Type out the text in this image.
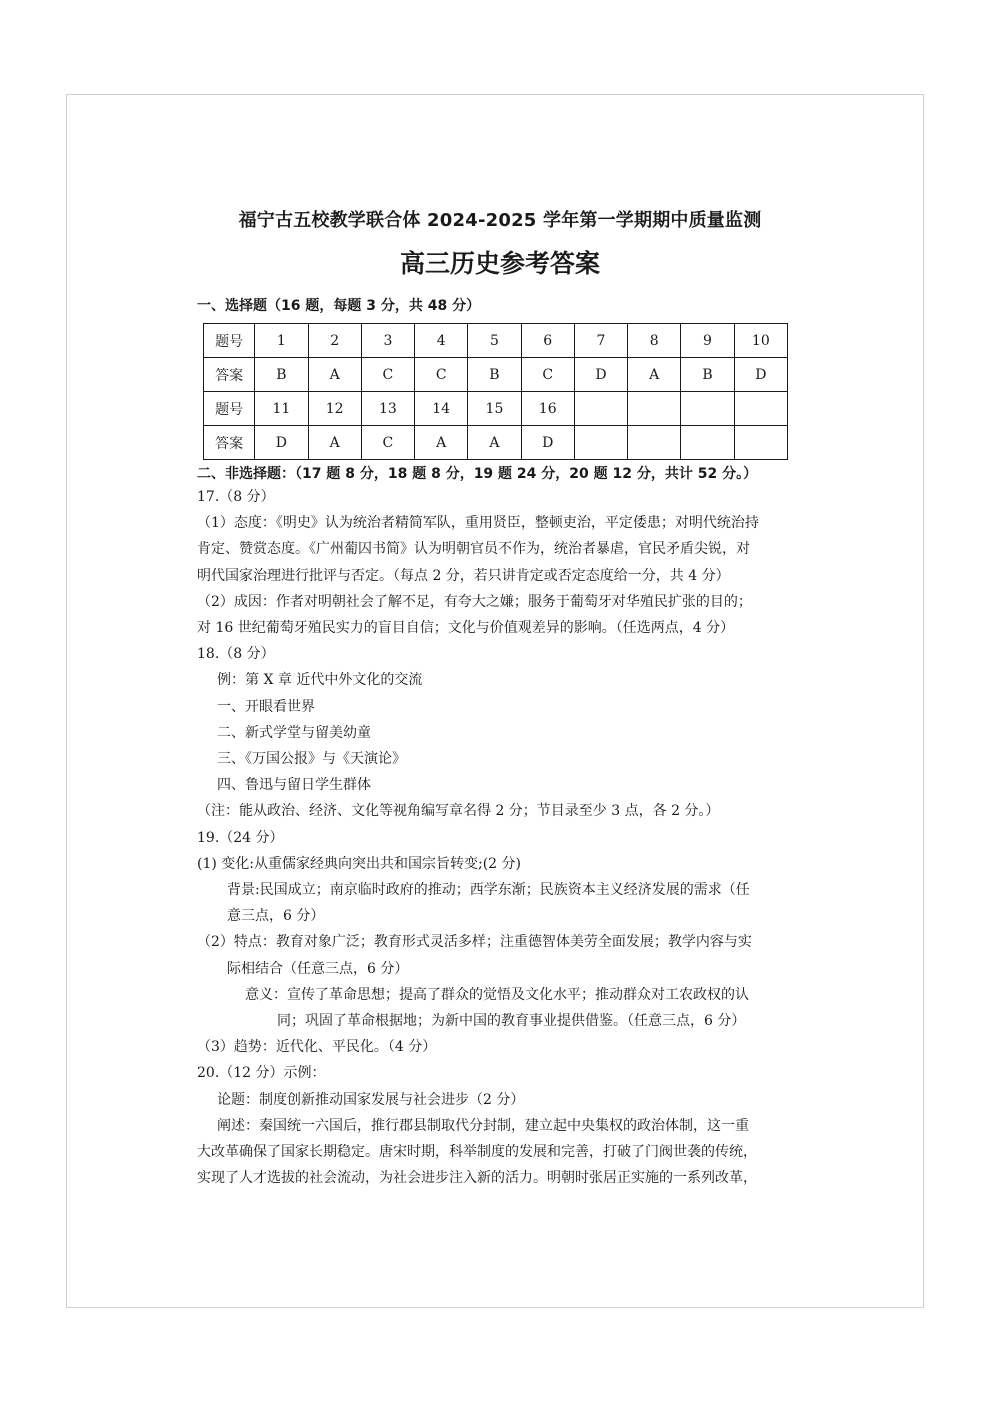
福宁古五校教学联合体 2024-2025 学年第一学期期中质量监测
高三历史参考答案
一、选择题（16 题，每题 3 分，共 48 分）
题号	1	2	3	4	5	6	7	8	9	10
答案	B	A	C	C	B	C	D	A	B	D
题号	11	12	13	14	15	16				
答案	D	A	C	A	A	D				
二、非选择题：（17 题 8 分，18 题 8 分，19 题 24 分，20 题 12 分，共计 52 分。）
17.（8 分）
（1）态度：《明史》认为统治者精简军队，重用贤臣，整顿吏治，平定倭患；对明代统治持
肯定、赞赏态度。《广州葡囚书简》认为明朝官员不作为，统治者暴虐，官民矛盾尖锐，对
明代国家治理进行批评与否定。（每点 2 分，若只讲肯定或否定态度给一分，共 4 分）
（2）成因：作者对明朝社会了解不足，有夸大之嫌；服务于葡萄牙对华殖民扩张的目的；
对 16 世纪葡萄牙殖民实力的盲目自信；文化与价值观差异的影响。（任选两点，4 分）
18.（8 分）
例：第 X 章 近代中外文化的交流
一、开眼看世界
二、新式学堂与留美幼童
三、《万国公报》与《天演论》
四、鲁迅与留日学生群体
（注：能从政治、经济、文化等视角编写章名得 2 分；节目录至少 3 点，各 2 分。）
19.（24 分）
(1) 变化:从重儒家经典向突出共和国宗旨转变;(2 分)
背景:民国成立；南京临时政府的推动；西学东渐；民族资本主义经济发展的需求（任
意三点，6 分）
（2）特点：教育对象广泛；教育形式灵活多样；注重德智体美劳全面发展；教学内容与实
际相结合（任意三点，6 分）
意义：宣传了革命思想；提高了群众的觉悟及文化水平；推动群众对工农政权的认
同；巩固了革命根据地；为新中国的教育事业提供借鉴。（任意三点，6 分）
（3）趋势：近代化、平民化。（4 分）
20.（12 分）示例：
论题：制度创新推动国家发展与社会进步（2 分）
阐述：秦国统一六国后，推行郡县制取代分封制，建立起中央集权的政治体制，这一重
大改革确保了国家长期稳定。唐宋时期，科举制度的发展和完善，打破了门阀世袭的传统，
实现了人才选拔的社会流动，为社会进步注入新的活力。明朝时张居正实施的一系列改革，
